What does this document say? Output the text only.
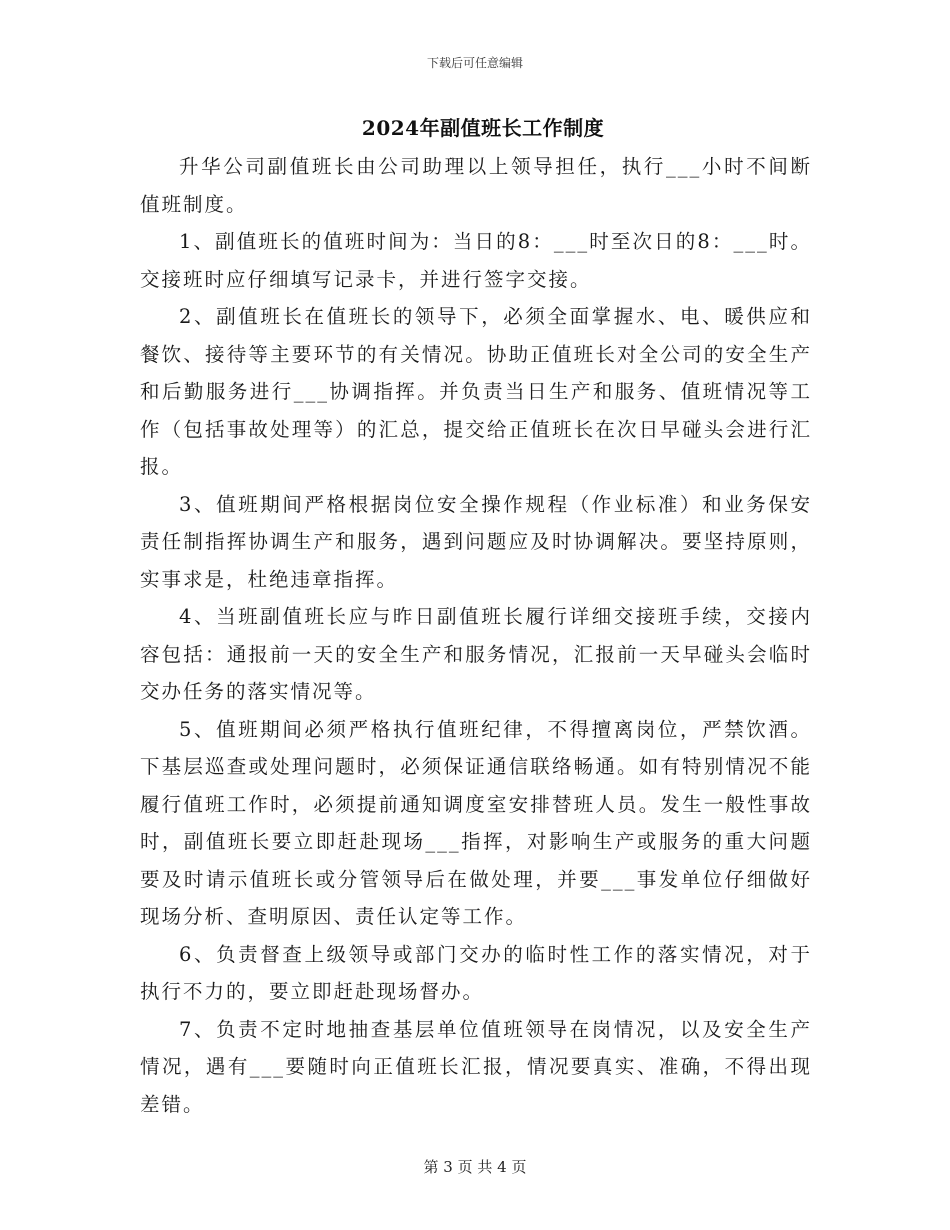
下载后可任意编辑
2024年副值班长工作制度

升华公司副值班长由公司助理以上领导担任，执行___小时不间断值班制度。

1、副值班长的值班时间为：当日的8：___时至次日的8：___时。交接班时应仔细填写记录卡，并进行签字交接。

2、副值班长在值班长的领导下，必须全面掌握水、电、暖供应和餐饮、接待等主要环节的有关情况。协助正值班长对全公司的安全生产和后勤服务进行___协调指挥。并负责当日生产和服务、值班情况等工作（包括事故处理等）的汇总，提交给正值班长在次日早碰头会进行汇报。

3、值班期间严格根据岗位安全操作规程（作业标准）和业务保安责任制指挥协调生产和服务，遇到问题应及时协调解决。要坚持原则，实事求是，杜绝违章指挥。

4、当班副值班长应与昨日副值班长履行详细交接班手续，交接内容包括：通报前一天的安全生产和服务情况，汇报前一天早碰头会临时交办任务的落实情况等。

5、值班期间必须严格执行值班纪律，不得擅离岗位，严禁饮酒。下基层巡查或处理问题时，必须保证通信联络畅通。如有特别情况不能履行值班工作时，必须提前通知调度室安排替班人员。发生一般性事故时，副值班长要立即赶赴现场___指挥，对影响生产或服务的重大问题要及时请示值班长或分管领导后在做处理，并要___事发单位仔细做好现场分析、查明原因、责任认定等工作。

6、负责督查上级领导或部门交办的临时性工作的落实情况，对于执行不力的，要立即赶赴现场督办。

7、负责不定时地抽查基层单位值班领导在岗情况，以及安全生产情况，遇有___要随时向正值班长汇报，情况要真实、准确，不得出现差错。

第 3 页 共 4 页
